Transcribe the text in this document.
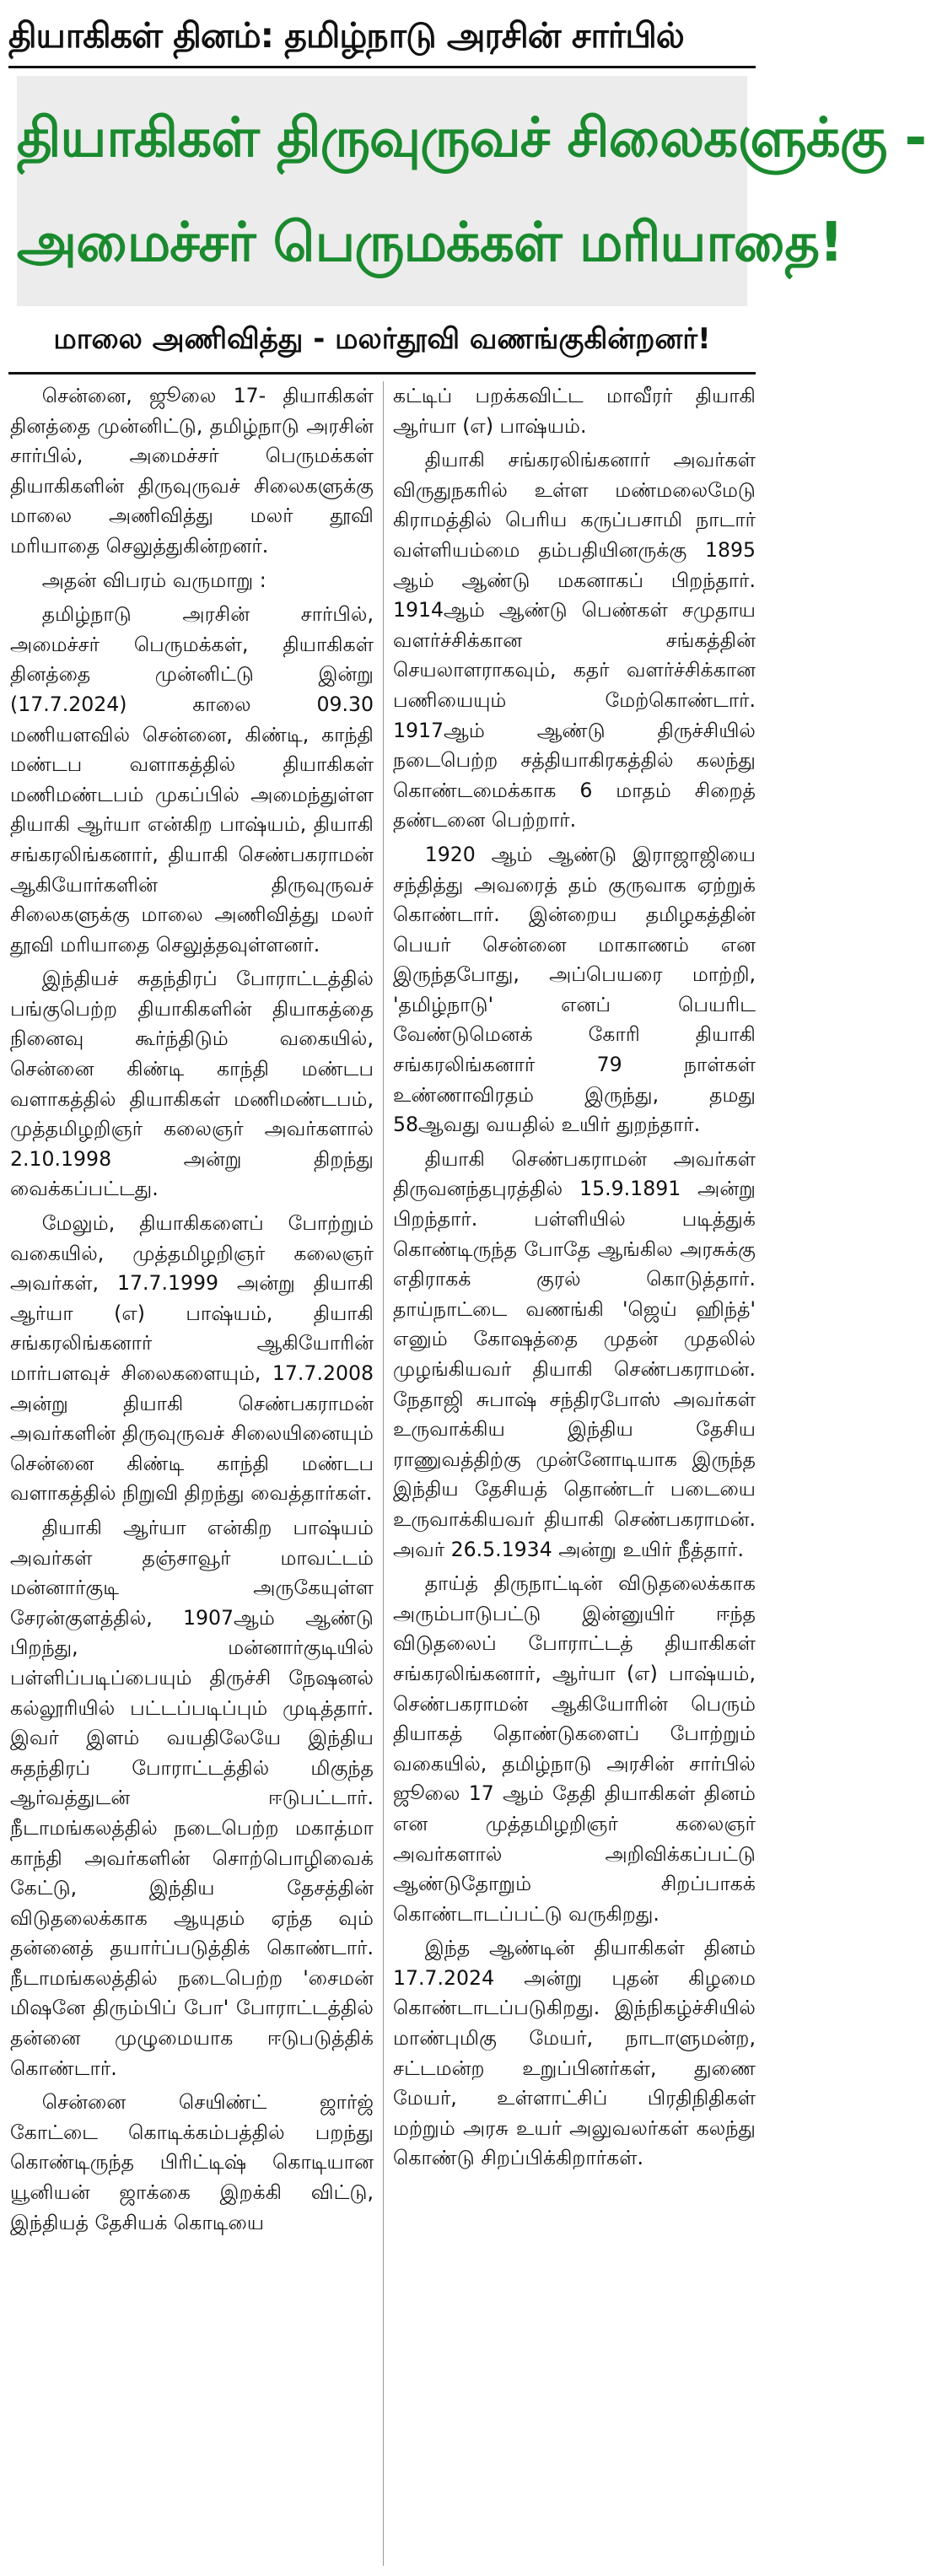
தியாகிகள் தினம்: தமிழ்நாடு அரசின் சார்பில்
தியாகிகள் திருவுருவச் சிலைகளுக்கு -
அமைச்சர் பெருமக்கள் மரியாதை!
மாலை அணிவித்து - மலர்தூவி வணங்குகின்றனர்!

சென்னை, ஜூலை 17- தியாகிகள் தினத்தை முன்னிட்டு, தமிழ்நாடு அரசின் சார்பில், அமைச்சர் பெருமக்கள் தியாகிகளின் திருவுருவச் சிலைகளுக்கு மாலை அணிவித்து மலர் தூவி மரியாதை செலுத்துகின்றனர்.

அதன் விபரம் வருமாறு :

தமிழ்நாடு அரசின் சார்பில், அமைச்சர் பெருமக்கள், தியாகிகள் தினத்தை முன்னிட்டு இன்று (17.7.2024) காலை 09.30 மணியளவில் சென்னை, கிண்டி, காந்தி மண்டப வளாகத்தில் தியாகிகள் மணிமண்டபம் முகப்பில் அமைந்துள்ள தியாகி ஆர்யா என்கிற பாஷ்யம், தியாகி சங்கரலிங்கனார், தியாகி செண்பகராமன் ஆகியோர்களின் திருவுருவச் சிலைகளுக்கு மாலை அணிவித்து மலர் தூவி மரியாதை செலுத்தவுள்ளனர்.

இந்தியச் சுதந்திரப் போராட்டத்தில் பங்குபெற்ற தியாகிகளின் தியாகத்தை நினைவு கூர்ந்திடும் வகையில், சென்னை கிண்டி காந்தி மண்டப வளாகத்தில் தியாகிகள் மணிமண்டபம், முத்தமிழறிஞர் கலைஞர் அவர்களால் 2.10.1998 அன்று திறந்து வைக்கப்பட்டது.

மேலும், தியாகிகளைப் போற்றும் வகையில், முத்தமிழறிஞர் கலைஞர் அவர்கள், 17.7.1999 அன்று தியாகி ஆர்யா (எ) பாஷ்யம், தியாகி சங்கரலிங்கனார் ஆகியோரின் மார்பளவுச் சிலைகளையும், 17.7.2008 அன்று தியாகி செண்பகராமன் அவர்களின் திருவுருவச் சிலையினையும் சென்னை கிண்டி காந்தி மண்டப வளாகத்தில் நிறுவி திறந்து வைத்தார்கள்.

தியாகி ஆர்யா என்கிற பாஷ்யம் அவர்கள் தஞ்சாவூர் மாவட்டம் மன்னார்குடி அருகேயுள்ள சேரன்குளத்தில், 1907ஆம் ஆண்டு பிறந்து, மன்னார்குடியில் பள்ளிப்படிப்பையும் திருச்சி நேஷனல் கல்லூரியில் பட்டப்படிப்பும் முடித்தார். இவர் இளம் வயதிலேயே இந்திய சுதந்திரப் போராட்டத்தில் மிகுந்த ஆர்வத்துடன் ஈடுபட்டார். நீடாமங்கலத்தில் நடைபெற்ற மகாத்மா காந்தி அவர்களின் சொற்பொழிவைக் கேட்டு, இந்திய தேசத்தின் விடுதலைக்காக ஆயுதம் ஏந்த வும் தன்னைத் தயார்ப்படுத்திக் கொண்டார். நீடாமங்கலத்தில் நடைபெற்ற 'சைமன் மிஷனே திரும்பிப் போ' போராட்டத்தில் தன்னை முழுமையாக ஈடுபடுத்திக் கொண்டார்.

சென்னை செயிண்ட் ஜார்ஜ் கோட்டை கொடிக்கம்பத்தில் பறந்து கொண்டிருந்த பிரிட்டிஷ் கொடியான யூனியன் ஜாக்கை இறக்கி விட்டு, இந்தியத் தேசியக் கொடியை

கட்டிப் பறக்கவிட்ட மாவீரர் தியாகி ஆர்யா (எ) பாஷ்யம்.

தியாகி சங்கரலிங்கனார் அவர்கள் விருதுநகரில் உள்ள மண்மலைமேடு கிராமத்தில் பெரிய கருப்பசாமி நாடார் வள்ளியம்மை தம்பதியினருக்கு 1895 ஆம் ஆண்டு மகனாகப் பிறந்தார். 1914ஆம் ஆண்டு பெண்கள் சமுதாய வளர்ச்சிக்கான சங்கத்தின் செயலாளராகவும், கதர் வளர்ச்சிக்கான பணியையும் மேற்கொண்டார். 1917ஆம் ஆண்டு திருச்சியில் நடைபெற்ற சத்தியாகிரகத்தில் கலந்து கொண்டமைக்காக 6 மாதம் சிறைத் தண்டனை பெற்றார்.

1920 ஆம் ஆண்டு இராஜாஜியை சந்தித்து அவரைத் தம் குருவாக ஏற்றுக் கொண்டார். இன்றைய தமிழகத்தின் பெயர் சென்னை மாகாணம் என இருந்தபோது, அப்பெயரை மாற்றி, 'தமிழ்நாடு' எனப் பெயரிட வேண்டுமெனக் கோரி தியாகி சங்கரலிங்கனார் 79 நாள்கள் உண்ணாவிரதம் இருந்து, தமது 58ஆவது வயதில் உயிர் துறந்தார்.

தியாகி செண்பகராமன் அவர்கள் திருவனந்தபுரத்தில் 15.9.1891 அன்று பிறந்தார். பள்ளியில் படித்துக் கொண்டிருந்த போதே ஆங்கில அரசுக்கு எதிராகக் குரல் கொடுத்தார். தாய்நாட்டை வணங்கி 'ஜெய் ஹிந்த்' எனும் கோஷத்தை முதன் முதலில் முழங்கியவர் தியாகி செண்பகராமன். நேதாஜி சுபாஷ் சந்திரபோஸ் அவர்கள் உருவாக்கிய இந்திய தேசிய ராணுவத்திற்கு முன்னோடியாக இருந்த இந்திய தேசியத் தொண்டர் படையை உருவாக்கியவர் தியாகி செண்பகராமன். அவர் 26.5.1934 அன்று உயிர் நீத்தார்.

தாய்த் திருநாட்டின் விடுதலைக்காக அரும்பாடுபட்டு இன்னுயிர் ஈந்த விடுதலைப் போராட்டத் தியாகிகள் சங்கரலிங்கனார், ஆர்யா (எ) பாஷ்யம், செண்பகராமன் ஆகியோரின் பெரும் தியாகத் தொண்டுகளைப் போற்றும் வகையில், தமிழ்நாடு அரசின் சார்பில் ஜூலை 17 ஆம் தேதி தியாகிகள் தினம் என முத்தமிழறிஞர் கலைஞர் அவர்களால் அறிவிக்கப்பட்டு ஆண்டுதோறும் சிறப்பாகக் கொண்டாடப்பட்டு வருகிறது.

இந்த ஆண்டின் தியாகிகள் தினம் 17.7.2024 அன்று புதன் கிழமை கொண்டாடப்படுகிறது. இந்நிகழ்ச்சியில் மாண்புமிகு மேயர், நாடாளுமன்ற, சட்டமன்ற உறுப்பினர்கள், துணை மேயர், உள்ளாட்சிப் பிரதிநிதிகள் மற்றும் அரசு உயர் அலுவலர்கள் கலந்து கொண்டு சிறப்பிக்கிறார்கள்.
